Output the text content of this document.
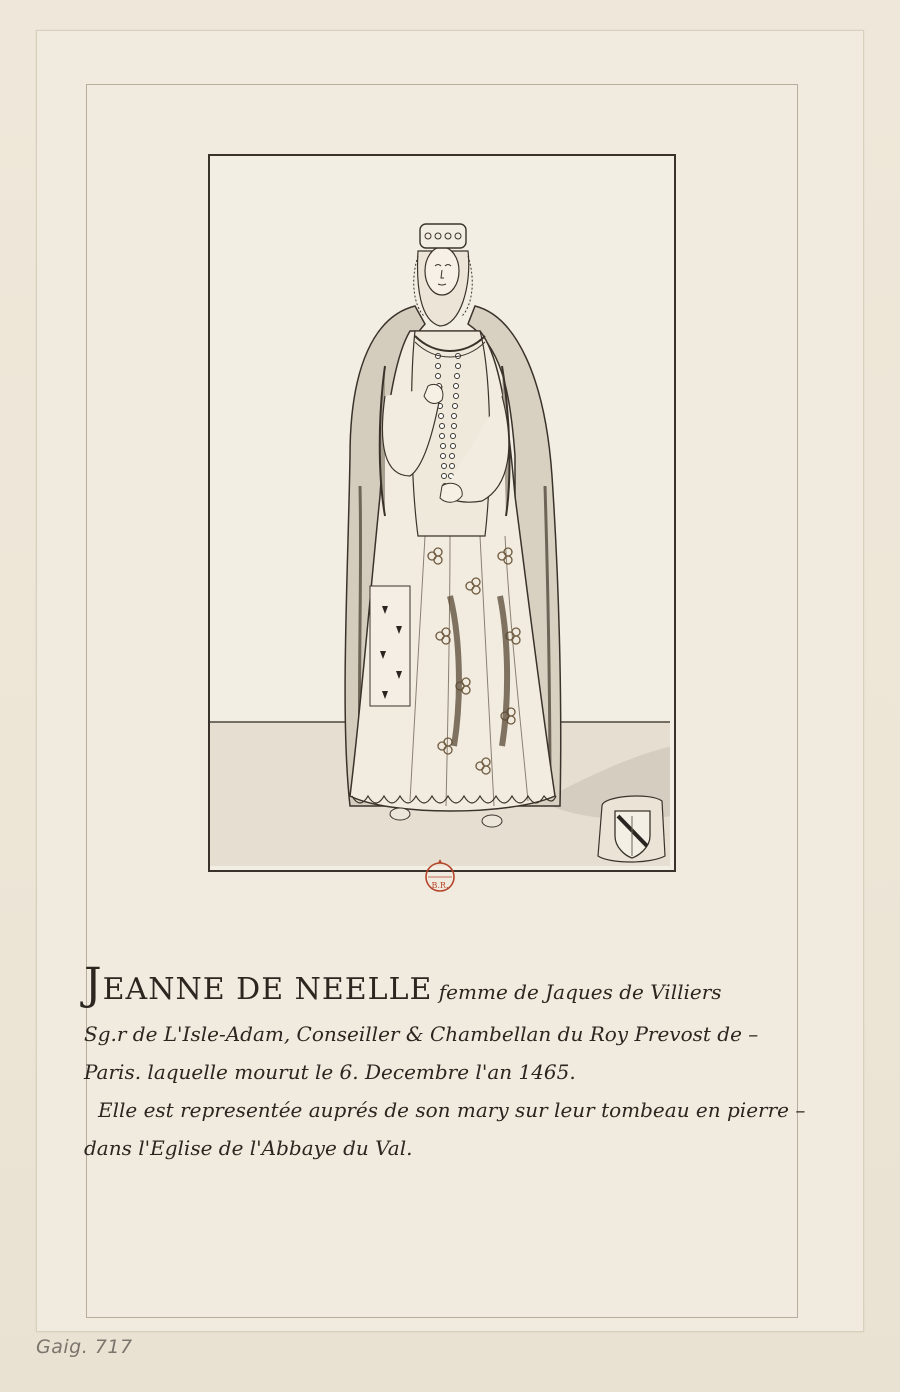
B.R.
JEANNE DE NEELLE femme de Jaques de Villiers
Sg.r de L'Isle-Adam, Conseiller & Chambellan du Roy Prevost de –
Paris. laquelle mourut le 6. Decembre l'an 1465.
Elle est representée auprés de son mary sur leur tombeau en pierre –
dans l'Eglise de l'Abbaye du Val.
Gaig. 717
